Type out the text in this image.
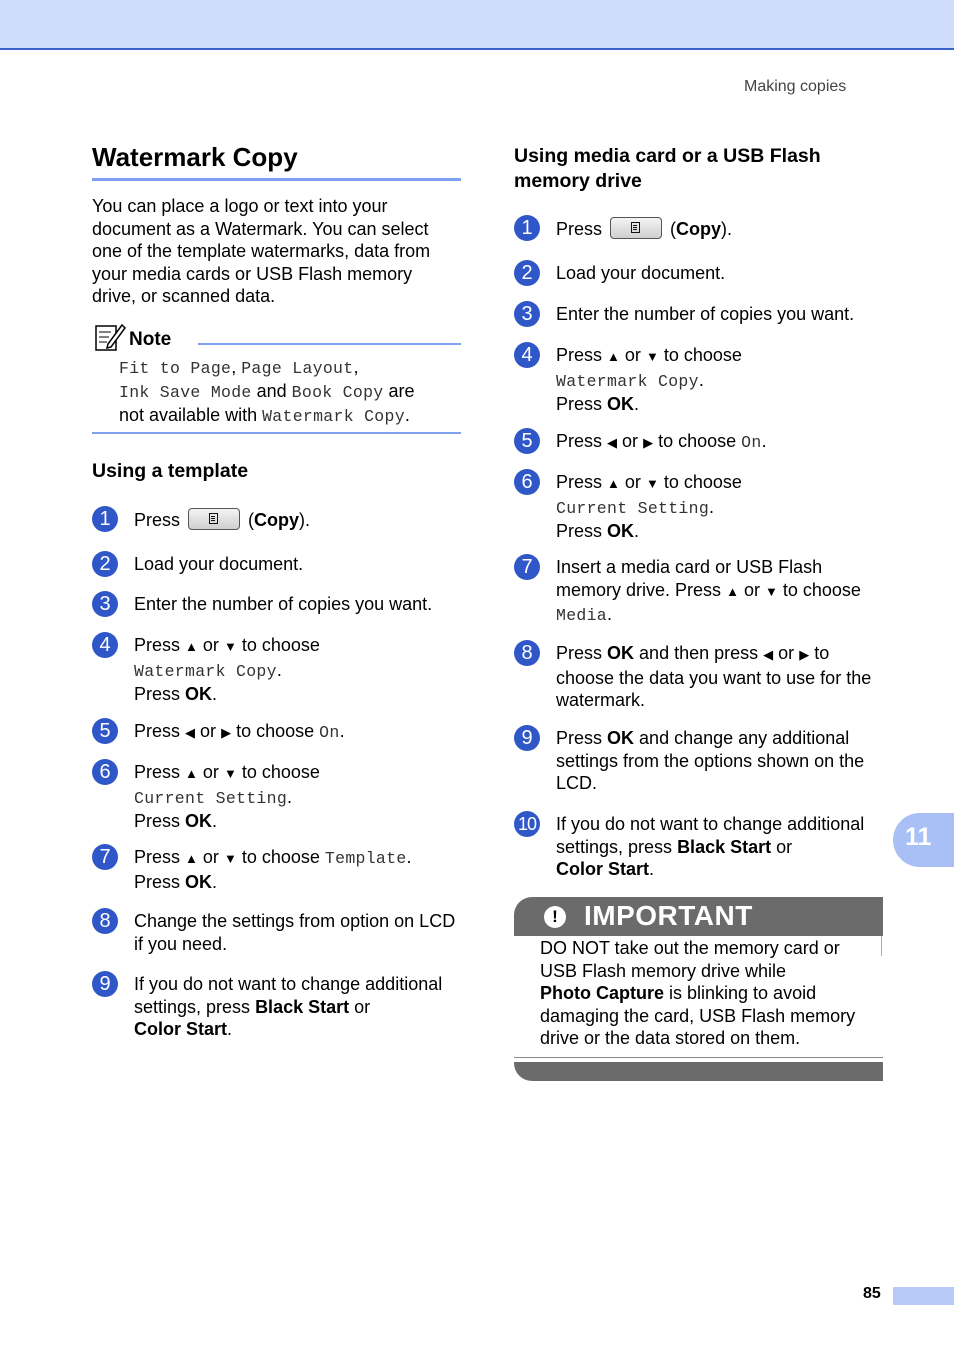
Making copies
Watermark Copy

You can place a logo or text into your document as a Watermark. You can select one of the template watermarks, data from your media cards or USB Flash memory drive, or scanned data.

Note
Fit to Page, Page Layout,
Ink Save Mode and Book Copy are
not available with Watermark Copy.
Using a template
1	Press	(Copy).
2	Load your document.
3	Enter the number of copies you want.
4	Press ▲ or ▼ to choose
Watermark Copy.
Press OK.
5	Press ◀ or ▶ to choose On.
6	Press ▲ or ▼ to choose
Current Setting.
Press OK.
7	Press ▲ or ▼ to choose Template.
Press OK.
8	Change the settings from option on LCD if you need.
9	If you do not want to change additional settings, press Black Start or
Color Start.
Using media card or a USB Flash memory drive
1	Press	(Copy).
2	Load your document.
3	Enter the number of copies you want.
4	Press ▲ or ▼ to choose
Watermark Copy.
Press OK.
5	Press ◀ or ▶ to choose On.
6	Press ▲ or ▼ to choose
Current Setting.
Press OK.
7	Insert a media card or USB Flash memory drive. Press ▲ or ▼ to choose
Media.
8	Press OK and then press ◀ or ▶ to choose the data you want to use for the watermark.
9	Press OK and change any additional settings from the options shown on the LCD.
10 If you do not want to change additional settings, press Black Start or
Color Start.
! IMPORTANT
DO NOT take out the memory card or USB Flash memory drive while
Photo Capture is blinking to avoid damaging the card, USB Flash memory drive or the data stored on them.
11
85
